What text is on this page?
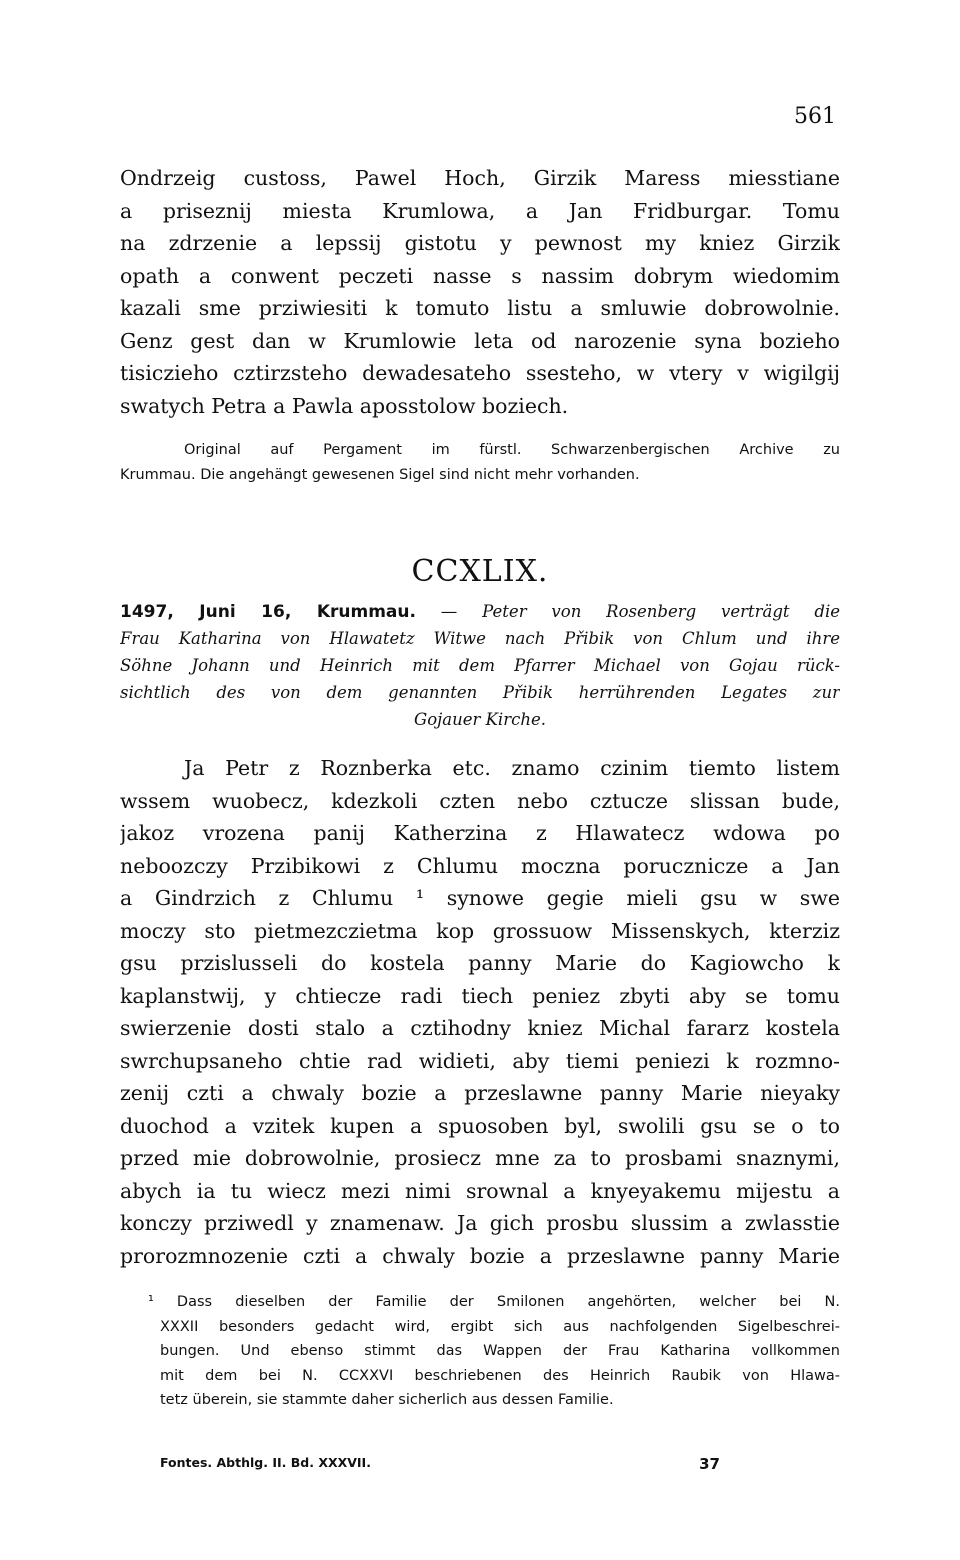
561
Ondrzeig custoss, Pawel Hoch, Girzik Maress miesstiane
a priseznij miesta Krumlowa, a Jan Fridburgar. Tomu
na zdrzenie a lepssij gistotu y pewnost my kniez Girzik
opath a conwent peczeti nasse s nassim dobrym wiedomim
kazali sme prziwiesiti k tomuto listu a smluwie dobrowolnie.
Genz gest dan w Krumlowie leta od narozenie syna bozieho
tisiczieho cztirzsteho dewadesateho ssesteho, w vtery v wigilgij
swatych Petra a Pawla aposstolow boziech.
Original auf Pergament im fürstl. Schwarzenbergischen Archive zu
Krummau. Die angehängt gewesenen Sigel sind nicht mehr vorhanden.
CCXLIX.
1497, Juni 16, Krummau. — Peter von Rosenberg verträgt die
Frau Katharina von Hlawatetz Witwe nach Přibik von Chlum und ihre
Söhne Johann und Heinrich mit dem Pfarrer Michael von Gojau rück-
sichtlich des von dem genannten Přibik herrührenden Legates zur
Gojauer Kirche.
Ja Petr z Roznberka etc. znamo czinim tiemto listem
wssem wuobecz, kdezkoli czten nebo cztucze slissan bude,
jakoz vrozena panij Katherzina z Hlawatecz wdowa po
neboozczy Przibikowi z Chlumu moczna porucznicze a Jan
a Gindrzich z Chlumu ¹ synowe gegie mieli gsu w swe
moczy sto pietmezczietma kop grossuow Missenskych, kterziz
gsu przislusseli do kostela panny Marie do Kagiowcho k
kaplanstwij, y chtiecze radi tiech peniez zbyti aby se tomu
swierzenie dosti stalo a cztihodny kniez Michal fararz kostela
swrchupsaneho chtie rad widieti, aby tiemi peniezi k rozmno-
zenij czti a chwaly bozie a przeslawne panny Marie nieyaky
duochod a vzitek kupen a spuosoben byl, swolili gsu se o to
przed mie dobrowolnie, prosiecz mne za to prosbami snaznymi,
abych ia tu wiecz mezi nimi srownal a knyeyakemu mijestu a
konczy prziwedl y znamenaw. Ja gich prosbu slussim a zwlasstie
prorozmnozenie czti a chwaly bozie a przeslawne panny Marie
¹ Dass dieselben der Familie der Smilonen angehörten, welcher bei N.
XXXII besonders gedacht wird, ergibt sich aus nachfolgenden Sigelbeschrei-
bungen. Und ebenso stimmt das Wappen der Frau Katharina vollkommen
mit dem bei N. CCXXVI beschriebenen des Heinrich Raubik von Hlawa-
tetz überein, sie stammte daher sicherlich aus dessen Familie.
Fontes. Abthlg. II. Bd. XXXVII.	37
